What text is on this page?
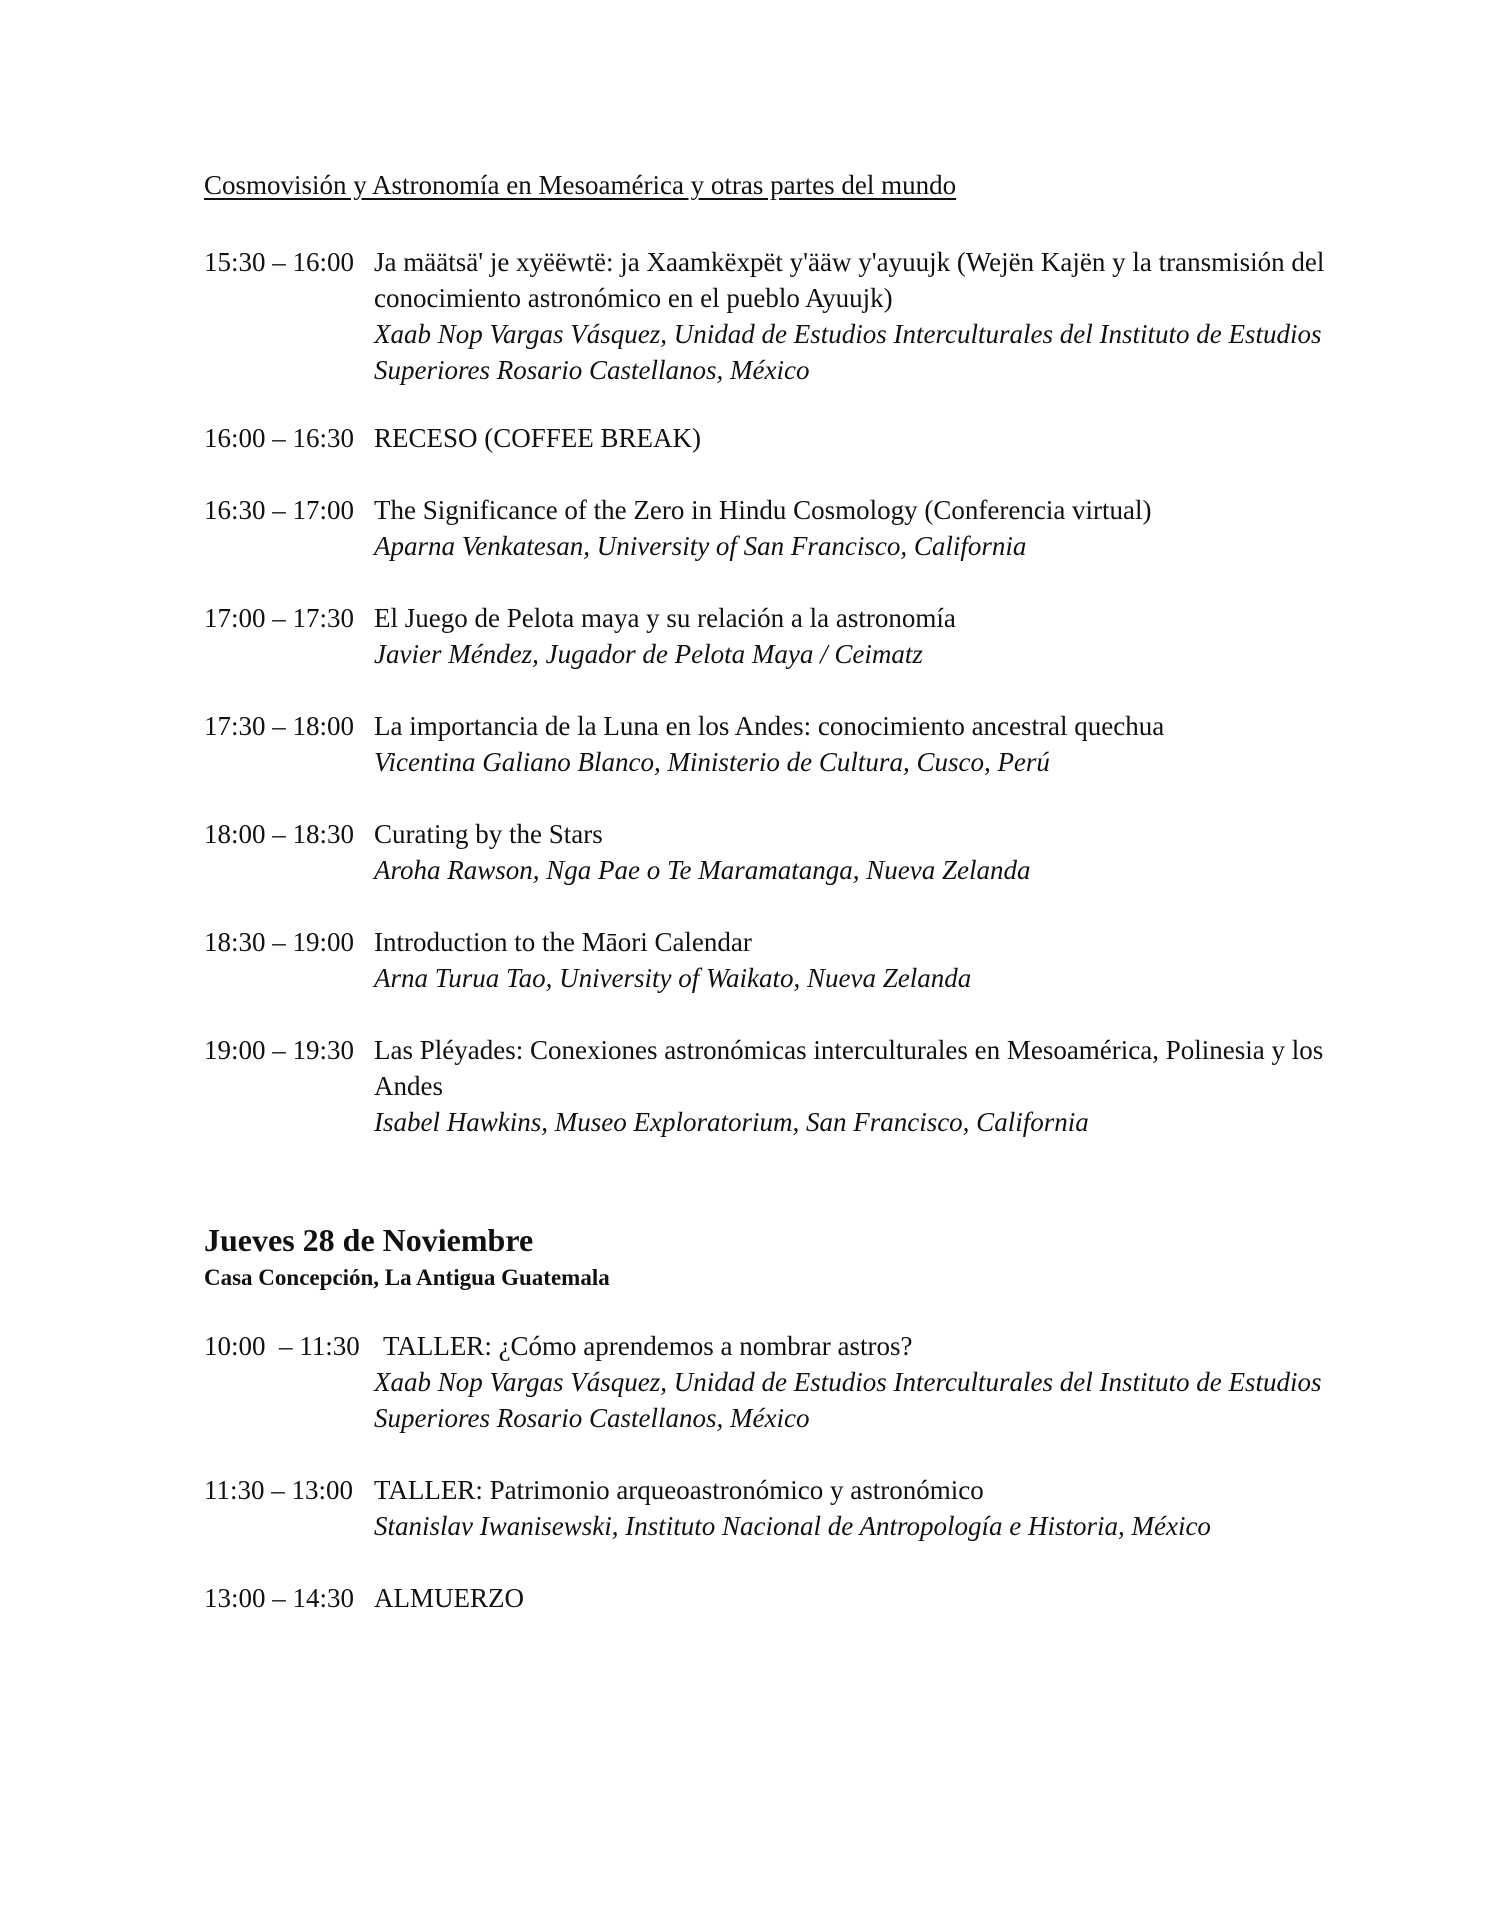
Cosmovisión y Astronomía en Mesoamérica y otras partes del mundo
15:30 – 16:00 Ja määtsä' je xyëëwtë: ja Xaamkëxpët y'ääw y'ayuujk (Wejën Kajën y la transmisión del conocimiento astronómico en el pueblo Ayuujk)
Xaab Nop Vargas Vásquez, Unidad de Estudios Interculturales del Instituto de Estudios Superiores Rosario Castellanos, México
16:00 – 16:30 RECESO (COFFEE BREAK)
16:30 – 17:00 The Significance of the Zero in Hindu Cosmology (Conferencia virtual)
Aparna Venkatesan, University of San Francisco, California
17:00 – 17:30 El Juego de Pelota maya y su relación a la astronomía
Javier Méndez, Jugador de Pelota Maya / Ceimatz
17:30 – 18:00 La importancia de la Luna en los Andes: conocimiento ancestral quechua
Vicentina Galiano Blanco, Ministerio de Cultura, Cusco, Perú
18:00 – 18:30 Curating by the Stars
Aroha Rawson, Nga Pae o Te Maramatanga, Nueva Zelanda
18:30 – 19:00 Introduction to the Māori Calendar
Arna Turua Tao, University of Waikato, Nueva Zelanda
19:00 – 19:30 Las Pléyades: Conexiones astronómicas interculturales en Mesoamérica, Polinesia y los Andes
Isabel Hawkins, Museo Exploratorium, San Francisco, California
Jueves 28 de Noviembre
Casa Concepción, La Antigua Guatemala
10:00  – 11:30 TALLER: ¿Cómo aprendemos a nombrar astros?
Xaab Nop Vargas Vásquez, Unidad de Estudios Interculturales del Instituto de Estudios Superiores Rosario Castellanos, México
11:30 – 13:00 TALLER: Patrimonio arqueoastronómico y astronómico
Stanislav Iwanisewski, Instituto Nacional de Antropología e Historia, México
13:00 – 14:30 ALMUERZO
